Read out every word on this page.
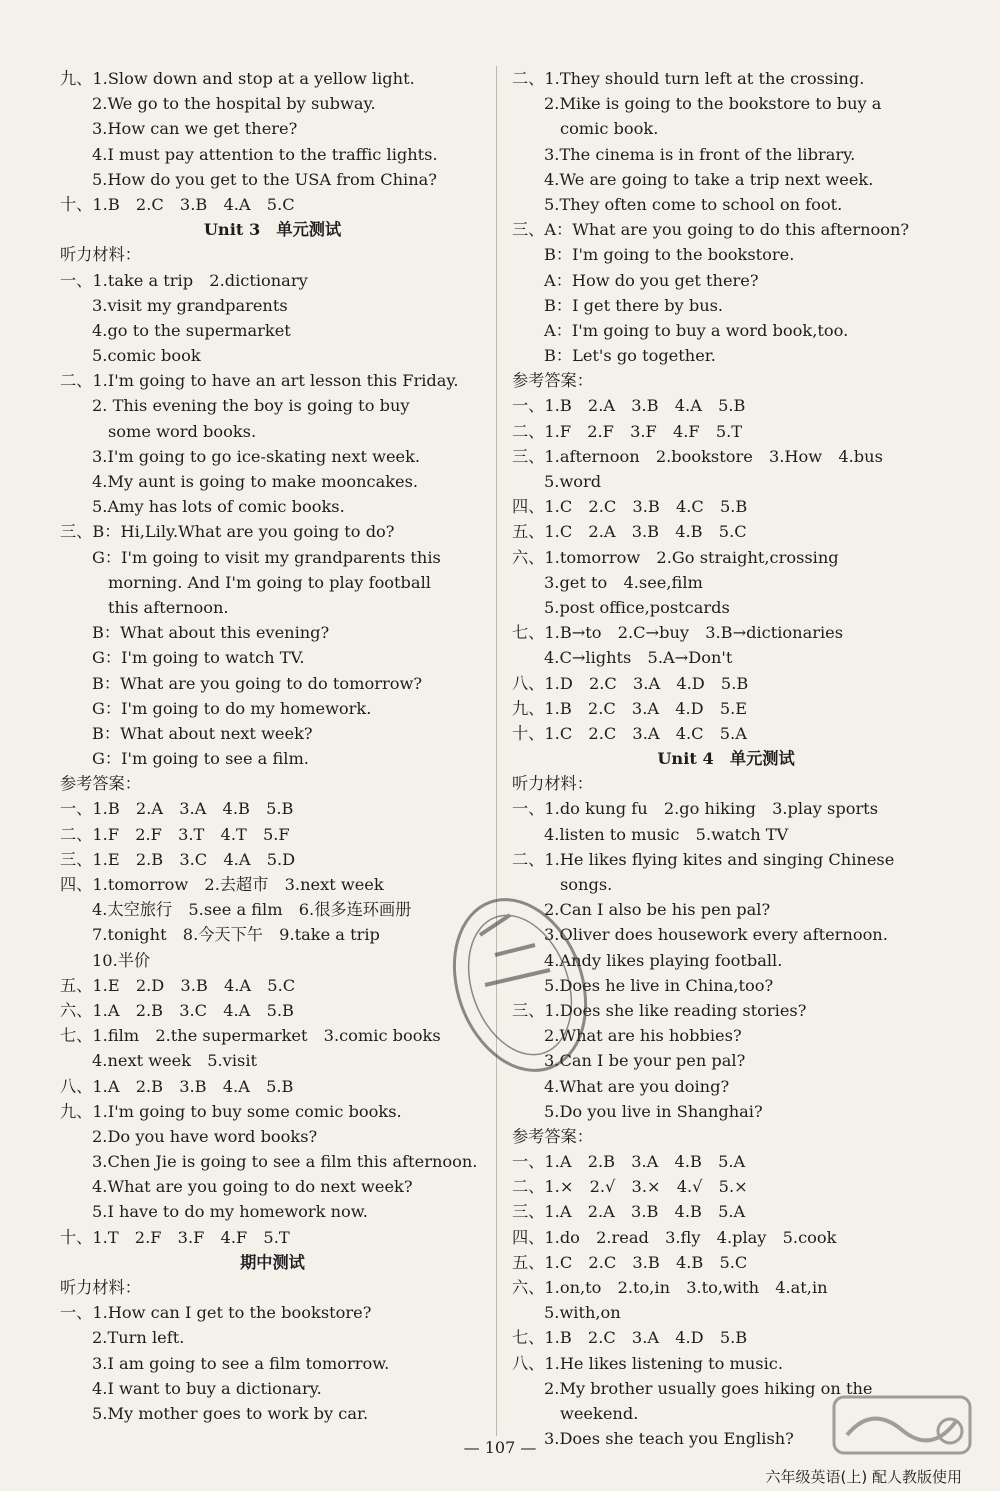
九、1.Slow down and stop at a yellow light.
2.We go to the hospital by subway.
3.How can we get there?
4.I must pay attention to the traffic lights.
5.How do you get to the USA from China?
十、1.B　2.C　3.B　4.A　5.C
Unit 3　单元测试
听力材料：
一、1.take a trip　2.dictionary
3.visit my grandparents
4.go to the supermarket
5.comic book
二、1.I'm going to have an art lesson this Friday.
2. This evening the boy is going to buy
some word books.
3.I'm going to go ice-skating next week.
4.My aunt is going to make mooncakes.
5.Amy has lots of comic books.
三、B：Hi,Lily.What are you going to do?
G：I'm going to visit my grandparents this
morning. And I'm going to play football
this afternoon.
B：What about this evening?
G：I'm going to watch TV.
B：What are you going to do tomorrow?
G：I'm going to do my homework.
B：What about next week?
G：I'm going to see a film.
参考答案：
一、1.B　2.A　3.A　4.B　5.B
二、1.F　2.F　3.T　4.T　5.F
三、1.E　2.B　3.C　4.A　5.D
四、1.tomorrow　2.去超市　3.next week
4.太空旅行　5.see a film　6.很多连环画册
7.tonight　8.今天下午　9.take a trip
10.半价
五、1.E　2.D　3.B　4.A　5.C
六、1.A　2.B　3.C　4.A　5.B
七、1.film　2.the supermarket　3.comic books
4.next week　5.visit
八、1.A　2.B　3.B　4.A　5.B
九、1.I'm going to buy some comic books.
2.Do you have word books?
3.Chen Jie is going to see a film this afternoon.
4.What are you going to do next week?
5.I have to do my homework now.
十、1.T　2.F　3.F　4.F　5.T
期中测试
听力材料：
一、1.How can I get to the bookstore?
2.Turn left.
3.I am going to see a film tomorrow.
4.I want to buy a dictionary.
5.My mother goes to work by car.
二、1.They should turn left at the crossing.
2.Mike is going to the bookstore to buy a
comic book.
3.The cinema is in front of the library.
4.We are going to take a trip next week.
5.They often come to school on foot.
三、A：What are you going to do this afternoon?
B：I'm going to the bookstore.
A：How do you get there?
B：I get there by bus.
A：I'm going to buy a word book,too.
B：Let's go together.
参考答案：
一、1.B　2.A　3.B　4.A　5.B
二、1.F　2.F　3.F　4.F　5.T
三、1.afternoon　2.bookstore　3.How　4.bus
5.word
四、1.C　2.C　3.B　4.C　5.B
五、1.C　2.A　3.B　4.B　5.C
六、1.tomorrow　2.Go straight,crossing
3.get to　4.see,film
5.post office,postcards
七、1.B→to　2.C→buy　3.B→dictionaries
4.C→lights　5.A→Don't
八、1.D　2.C　3.A　4.D　5.B
九、1.B　2.C　3.A　4.D　5.E
十、1.C　2.C　3.A　4.C　5.A
Unit 4　单元测试
听力材料：
一、1.do kung fu　2.go hiking　3.play sports
4.listen to music　5.watch TV
二、1.He likes flying kites and singing Chinese
songs.
2.Can I also be his pen pal?
3.Oliver does housework every afternoon.
4.Andy likes playing football.
5.Does he live in China,too?
三、1.Does she like reading stories?
2.What are his hobbies?
3.Can I be your pen pal?
4.What are you doing?
5.Do you live in Shanghai?
参考答案：
一、1.A　2.B　3.A　4.B　5.A
二、1.×　2.√　3.×　4.√　5.×
三、1.A　2.A　3.B　4.B　5.A
四、1.do　2.read　3.fly　4.play　5.cook
五、1.C　2.C　3.B　4.B　5.C
六、1.on,to　2.to,in　3.to,with　4.at,in
5.with,on
七、1.B　2.C　3.A　4.D　5.B
八、1.He likes listening to music.
2.My brother usually goes hiking on the
weekend.
3.Does she teach you English?
— 107 —
六年级英语(上) 配人教版使用
